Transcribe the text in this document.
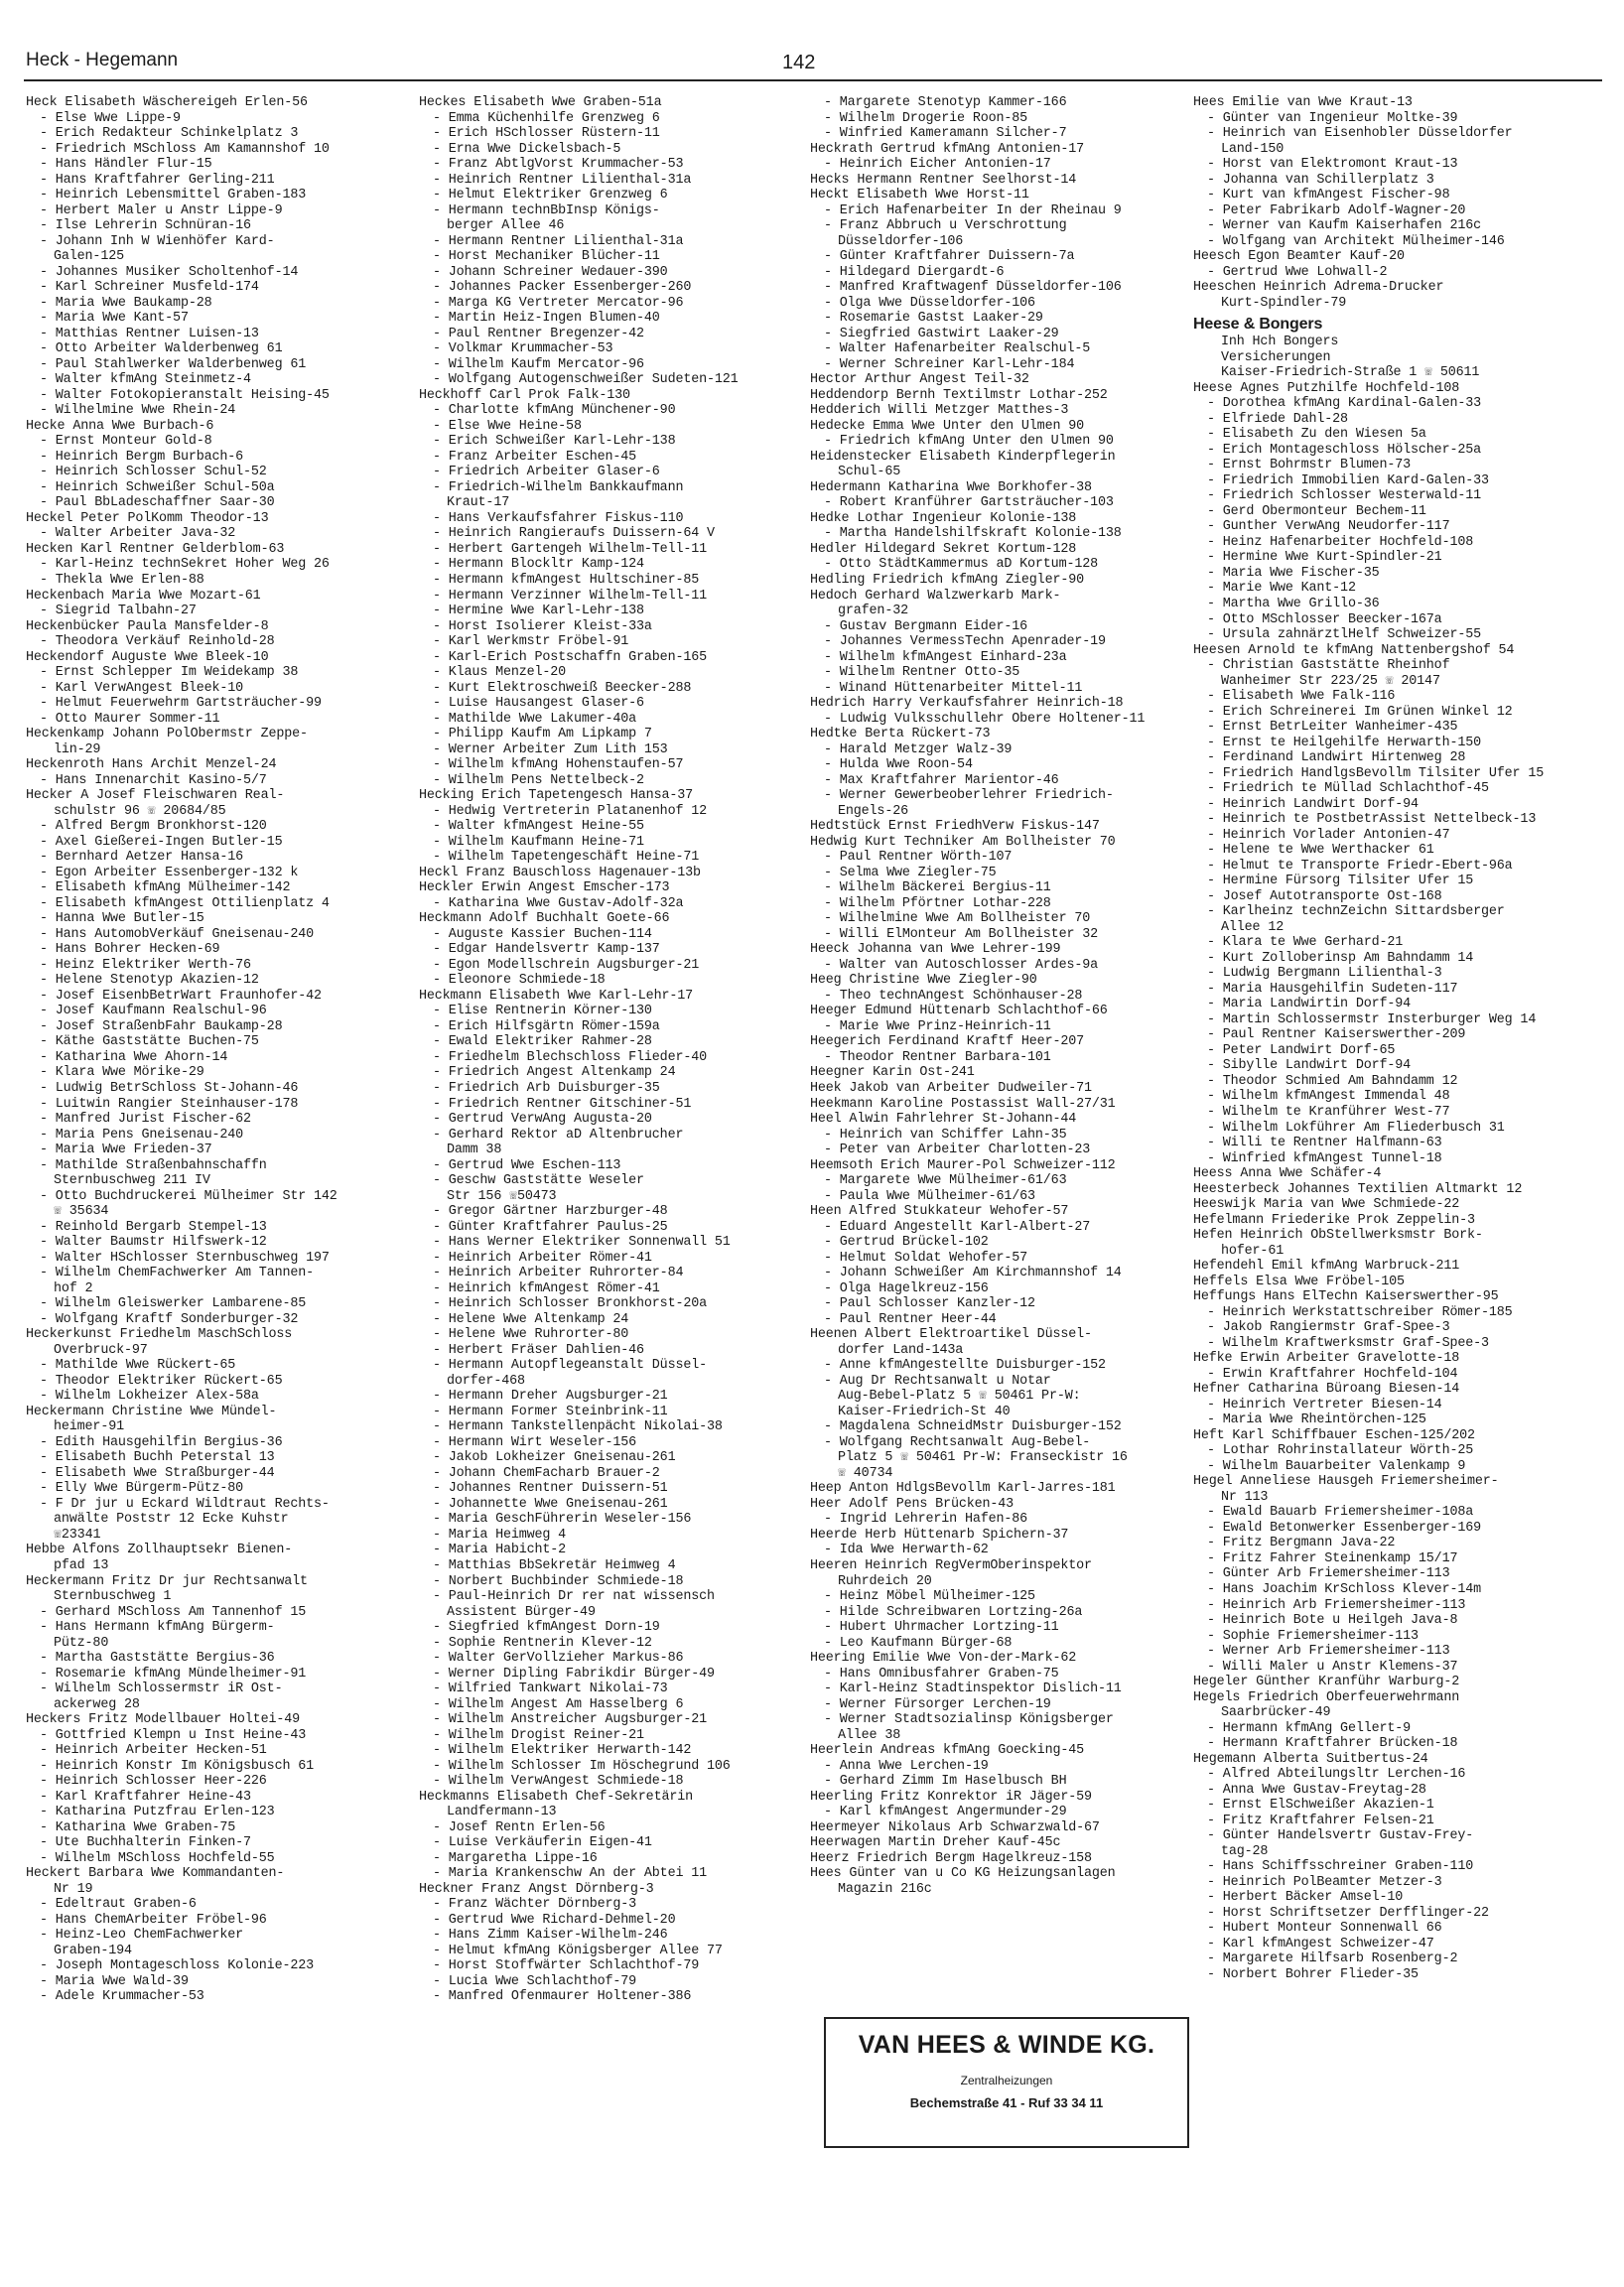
Heck - Hegemann	142
Heck Elisabeth Wäschereigeh Erlen-56
- Else Wwe Lippe-9
- Erich Redakteur Schinkelplatz 3
- Friedrich MSchloss Am Kamannshof 10
- Hans Händler Flur-15
- Hans Kraftfahrer Gerling-211
- Heinrich Lebensmittel Graben-183
- Herbert Maler u Anstr Lippe-9
- Ilse Lehrerin Schnüran-16
- Johann Inh W Wienhöfer Kard-
Galen-125
- Johannes Musiker Scholtenhof-14
- Karl Schreiner Musfeld-174
- Maria Wwe Baukamp-28
- Maria Wwe Kant-57
- Matthias Rentner Luisen-13
- Otto Arbeiter Walderbenweg 61
- Paul Stahlwerker Walderbenweg 61
- Walter kfmAng Steinmetz-4
- Walter Fotokopieranstalt Heising-45
- Wilhelmine Wwe Rhein-24
Hecke Anna Wwe Burbach-6
- Ernst Monteur Gold-8
- Heinrich Bergm Burbach-6
- Heinrich Schlosser Schul-52
- Heinrich Schweißer Schul-50a
- Paul BbLadeschaffner Saar-30
Heckel Peter PolKomm Theodor-13
- Walter Arbeiter Java-32
Hecken Karl Rentner Gelderblom-63
- Karl-Heinz technSekret Hoher Weg 26
- Thekla Wwe Erlen-88
Heckenbach Maria Wwe Mozart-61
- Siegrid Talbahn-27
Heckenbücker Paula Mansfelder-8
- Theodora Verkäuf Reinhold-28
Heckendorf Auguste Wwe Bleek-10
- Ernst Schlepper Im Weidekamp 38
- Karl VerwAngest Bleek-10
- Helmut Feuerwehrm Gartsträucher-99
- Otto Maurer Sommer-11
Heckenkamp Johann PolObermstr Zeppe-
lin-29
Heckenroth Hans Archit Menzel-24
- Hans Innenarchit Kasino-5/7
Hecker A Josef Fleischwaren Real-
schulstr 96 ☏ 20684/85
- Alfred Bergm Bronkhorst-120
- Axel Gießerei-Ingen Butler-15
- Bernhard Aetzer Hansa-16
- Egon Arbeiter Essenberger-132 k
- Elisabeth kfmAng Mülheimer-142
- Elisabeth kfmAngest Ottilienplatz 4
- Hanna Wwe Butler-15
- Hans AutomobVerkäuf Gneisenau-240
- Hans Bohrer Hecken-69
- Heinz Elektriker Werth-76
- Helene Stenotyp Akazien-12
- Josef EisenbBetrWart Fraunhofer-42
- Josef Kaufmann Realschul-96
- Josef StraßenbFahr Baukamp-28
- Käthe Gaststätte Buchen-75
- Katharina Wwe Ahorn-14
- Klara Wwe Mörike-29
- Ludwig BetrSchloss St-Johann-46
- Luitwin Rangier Steinhauser-178
- Manfred Jurist Fischer-62
- Maria Pens Gneisenau-240
- Maria Wwe Frieden-37
- Mathilde Straßenbahnschaffn
Sternbuschweg 211 IV
- Otto Buchdruckerei Mülheimer Str 142
☏ 35634
- Reinhold Bergarb Stempel-13
- Walter Baumstr Hilfswerk-12
- Walter HSchlosser Sternbuschweg 197
- Wilhelm ChemFachwerker Am Tannen-
hof 2
- Wilhelm Gleiswerker Lambarene-85
- Wolfgang Kraftf Sonderburger-32
Heckerkunst Friedhelm MaschSchloss
Overbruck-97
- Mathilde Wwe Rückert-65
- Theodor Elektriker Rückert-65
- Wilhelm Lokheizer Alex-58a
Heckermann Christine Wwe Mündel-
heimer-91
- Edith Hausgehilfin Bergius-36
- Elisabeth Buchh Peterstal 13
- Elisabeth Wwe Straßburger-44
- Elly Wwe Bürgerm-Pütz-80
- F Dr jur u Eckard Wildtraut Rechts-
anwälte Poststr 12 Ecke Kuhstr
☏23341
Hebbe Alfons Zollhauptsekr Bienen-
pfad 13
Heckermann Fritz Dr jur Rechtsanwalt
Sternbuschweg 1
- Gerhard MSchloss Am Tannenhof 15
- Hans Hermann kfmAng Bürgerm-
Pütz-80
- Martha Gaststätte Bergius-36
- Rosemarie kfmAng Mündelheimer-91
- Wilhelm Schlossermstr iR Ost-
ackerweg 28
Heckers Fritz Modellbauer Holtei-49
- Gottfried Klempn u Inst Heine-43
- Heinrich Arbeiter Hecken-51
- Heinrich Konstr Im Königsbusch 61
- Heinrich Schlosser Heer-226
- Karl Kraftfahrer Heine-43
- Katharina Putzfrau Erlen-123
- Katharina Wwe Graben-75
- Ute Buchhalterin Finken-7
- Wilhelm MSchloss Hochfeld-55
Heckert Barbara Wwe Kommandanten-
Nr 19
- Edeltraut Graben-6
- Hans ChemArbeiter Fröbel-96
- Heinz-Leo ChemFachwerker
Graben-194
- Joseph Montageschloss Kolonie-223
- Maria Wwe Wald-39
- Adele Krummacher-53
Heckes Elisabeth Wwe Graben-51a
- Emma Küchenhilfe Grenzweg 6
- Erich HSchlosser Rüstern-11
- Erna Wwe Dickelsbach-5
- Franz AbtlgVorst Krummacher-53
- Heinrich Rentner Lilienthal-31a
- Helmut Elektriker Grenzweg 6
- Hermann technBbInsp Königs-
berger Allee 46
- Hermann Rentner Lilienthal-31a
- Horst Mechaniker Blücher-11
- Johann Schreiner Wedauer-390
- Johannes Packer Essenberger-260
- Marga KG Vertreter Mercator-96
- Martin Heiz-Ingen Blumen-40
- Paul Rentner Bregenzer-42
- Volkmar Krummacher-53
- Wilhelm Kaufm Mercator-96
- Wolfgang Autogenschweißer Sudeten-121
Heckhoff Carl Prok Falk-130
- Charlotte kfmAng Münchener-90
- Else Wwe Heine-58
- Erich Schweißer Karl-Lehr-138
- Franz Arbeiter Eschen-45
- Friedrich Arbeiter Glaser-6
- Friedrich-Wilhelm Bankkaufmann
Kraut-17
- Hans Verkaufsfahrer Fiskus-110
- Heinrich Rangieraufs Duissern-64 V
- Herbert Gartengeh Wilhelm-Tell-11
- Hermann Blockltr Kamp-124
- Hermann kfmAngest Hultschiner-85
- Hermann Verzinner Wilhelm-Tell-11
- Hermine Wwe Karl-Lehr-138
- Horst Isolierer Kleist-33a
- Karl Werkmstr Fröbel-91
- Karl-Erich Postschaffn Graben-165
- Klaus Menzel-20
- Kurt Elektroschweiß Beecker-288
- Luise Hausangest Glaser-6
- Mathilde Wwe Lakumer-40a
- Philipp Kaufm Am Lipkamp 7
- Werner Arbeiter Zum Lith 153
- Wilhelm kfmAng Hohenstaufen-57
- Wilhelm Pens Nettelbeck-2
Hecking Erich Tapetengesch Hansa-37
- Hedwig Vertreterin Platanenhof 12
- Walter kfmAngest Heine-55
- Wilhelm Kaufmann Heine-71
- Wilhelm Tapetengeschäft Heine-71
Heckl Franz Bauschloss Hagenauer-13b
Heckler Erwin Angest Emscher-173
- Katharina Wwe Gustav-Adolf-32a
Heckmann Adolf Buchhalt Goete-66
- Auguste Kassier Buchen-114
- Edgar Handelsvertr Kamp-137
- Egon Modellschrein Augsburger-21
- Eleonore Schmiede-18
Heckmann Elisabeth Wwe Karl-Lehr-17
- Elise Rentnerin Körner-130
- Erich Hilfsgärtn Römer-159a
- Ewald Elektriker Rahmer-28
- Friedhelm Blechschloss Flieder-40
- Friedrich Angest Altenkamp 24
- Friedrich Arb Duisburger-35
- Friedrich Rentner Gitschiner-51
- Gertrud VerwAng Augusta-20
- Gerhard Rektor aD Altenbrucher
Damm 38
- Gertrud Wwe Eschen-113
- Geschw Gaststätte Weseler
Str 156 ☏50473
- Gregor Gärtner Harzburger-48
- Günter Kraftfahrer Paulus-25
- Hans Werner Elektriker Sonnenwall 51
- Heinrich Arbeiter Römer-41
- Heinrich Arbeiter Ruhrorter-84
- Heinrich kfmAngest Römer-41
- Heinrich Schlosser Bronkhorst-20a
- Helene Wwe Altenkamp 24
- Helene Wwe Ruhrorter-80
- Herbert Fräser Dahlien-46
- Hermann Autopflegeanstalt Düssel-
dorfer-468
- Hermann Dreher Augsburger-21
- Hermann Former Steinbrink-11
- Hermann Tankstellenpächt Nikolai-38
- Hermann Wirt Weseler-156
- Jakob Lokheizer Gneisenau-261
- Johann ChemFacharb Brauer-2
- Johannes Rentner Duissern-51
- Johannette Wwe Gneisenau-261
- Maria GeschFührerin Weseler-156
- Maria Heimweg 4
- Maria Habicht-2
- Matthias BbSekretär Heimweg 4
- Norbert Buchbinder Schmiede-18
- Paul-Heinrich Dr rer nat wissensch
Assistent Bürger-49
- Siegfried kfmAngest Dorn-19
- Sophie Rentnerin Klever-12
- Walter GerVollzieher Markus-86
- Werner Dipling Fabrikdir Bürger-49
- Wilfried Tankwart Nikolai-73
- Wilhelm Angest Am Hasselberg 6
- Wilhelm Anstreicher Augsburger-21
- Wilhelm Drogist Reiner-21
- Wilhelm Elektriker Herwarth-142
- Wilhelm Schlosser Im Höschegrund 106
- Wilhelm VerwAngest Schmiede-18
Heckmanns Elisabeth Chef-Sekretärin
Landfermann-13
- Josef Rentn Erlen-56
- Luise Verkäuferin Eigen-41
- Margaretha Lippe-16
- Maria Krankenschw An der Abtei 11
Heckner Franz Angst Dörnberg-3
- Franz Wächter Dörnberg-3
- Gertrud Wwe Richard-Dehmel-20
- Hans Zimm Kaiser-Wilhelm-246
- Helmut kfmAng Königsberger Allee 77
- Horst Stoffwärter Schlachthof-79
- Lucia Wwe Schlachthof-79
- Manfred Ofenmaurer Holtener-386
- Margarete Stenotyp Kammer-166
- Wilhelm Drogerie Roon-85
- Winfried Kameramann Silcher-7
Heckrath Gertrud kfmAng Antonien-17
- Heinrich Eicher Antonien-17
Hecks Hermann Rentner Seelhorst-14
Heckt Elisabeth Wwe Horst-11
- Erich Hafenarbeiter In der Rheinau 9
- Franz Abbruch u Verschrottung
Düsseldorfer-106
- Günter Kraftfahrer Duissern-7a
- Hildegard Diergardt-6
- Manfred Kraftwagenf Düsseldorfer-106
- Olga Wwe Düsseldorfer-106
- Rosemarie Gastst Laaker-29
- Siegfried Gastwirt Laaker-29
- Walter Hafenarbeiter Realschul-5
- Werner Schreiner Karl-Lehr-184
Hector Arthur Angest Teil-32
Heddendorp Bernh Textilmstr Lothar-252
Hedderich Willi Metzger Matthes-3
Hedecke Emma Wwe Unter den Ulmen 90
- Friedrich kfmAng Unter den Ulmen 90
Heidenstecker Elisabeth Kinderpflegerin
Schul-65
Hedermann Katharina Wwe Borkhofer-38
- Robert Kranführer Gartsträucher-103
Hedke Lothar Ingenieur Kolonie-138
- Martha Handelshilfskraft Kolonie-138
Hedler Hildegard Sekret Kortum-128
- Otto StädtKammermus aD Kortum-128
Hedling Friedrich kfmAng Ziegler-90
Hedoch Gerhard Walzwerkarb Mark-
grafen-32
- Gustav Bergmann Eider-16
- Johannes VermessTechn Apenrader-19
- Wilhelm kfmAngest Einhard-23a
- Wilhelm Rentner Otto-35
- Winand Hüttenarbeiter Mittel-11
Hedrich Harry Verkaufsfahrer Heinrich-18
- Ludwig Vulksschullehr Obere Holtener-11
Hedtke Berta Rückert-73
- Harald Metzger Walz-39
- Hulda Wwe Roon-54
- Max Kraftfahrer Marientor-46
- Werner Gewerbeoberlehrer Friedrich-
Engels-26
Hedtstück Ernst FriedhVerw Fiskus-147
Hedwig Kurt Techniker Am Bollheister 70
- Paul Rentner Wörth-107
- Selma Wwe Ziegler-75
- Wilhelm Bäckerei Bergius-11
- Wilhelm Pförtner Lothar-228
- Wilhelmine Wwe Am Bollheister 70
- Willi ElMonteur Am Bollheister 32
Heeck Johanna van Wwe Lehrer-199
- Walter van Autoschlosser Ardes-9a
Heeg Christine Wwe Ziegler-90
- Theo technAngest Schönhauser-28
Heeger Edmund Hüttenarb Schlachthof-66
- Marie Wwe Prinz-Heinrich-11
Heegerich Ferdinand Kraftf Heer-207
- Theodor Rentner Barbara-101
Heegner Karin Ost-241
Heek Jakob van Arbeiter Dudweiler-71
Heekmann Karoline Postassist Wall-27/31
Heel Alwin Fahrlehrer St-Johann-44
- Heinrich van Schiffer Lahn-35
- Peter van Arbeiter Charlotten-23
Heemsoth Erich Maurer-Pol Schweizer-112
- Margarete Wwe Mülheimer-61/63
- Paula Wwe Mülheimer-61/63
Heen Alfred Stukkateur Wehofer-57
- Eduard Angestellt Karl-Albert-27
- Gertrud Brückel-102
- Helmut Soldat Wehofer-57
- Johann Schweißer Am Kirchmannshof 14
- Olga Hagelkreuz-156
- Paul Schlosser Kanzler-12
- Paul Rentner Heer-44
Heenen Albert Elektroartikel Düssel-
dorfer Land-143a
- Anne kfmAngestellte Duisburger-152
- Aug Dr Rechtsanwalt u Notar
Aug-Bebel-Platz 5 ☏ 50461 Pr-W:
Kaiser-Friedrich-St 40
- Magdalena SchneidMstr Duisburger-152
- Wolfgang Rechtsanwalt Aug-Bebel-
Platz 5 ☏ 50461 Pr-W: Franseckistr 16
☏ 40734
Heep Anton HdlgsBevollm Karl-Jarres-181
Heer Adolf Pens Brücken-43
- Ingrid Lehrerin Hafen-86
Heerde Herb Hüttenarb Spichern-37
- Ida Wwe Herwarth-62
Heeren Heinrich RegVermOberinspektor
Ruhrdeich 20
- Heinz Möbel Mülheimer-125
- Hilde Schreibwaren Lortzing-26a
- Hubert Uhrmacher Lortzing-11
- Leo Kaufmann Bürger-68
Heering Emilie Wwe Von-der-Mark-62
- Hans Omnibusfahrer Graben-75
- Karl-Heinz Stadtinspektor Dislich-11
- Werner Fürsorger Lerchen-19
- Werner Stadtsozialinsp Königsberger
Allee 38
Heerlein Andreas kfmAng Goecking-45
- Anna Wwe Lerchen-19
- Gerhard Zimm Im Haselbusch BH
Heerling Fritz Konrektor iR Jäger-59
- Karl kfmAngest Angermunder-29
Heermeyer Nikolaus Arb Schwarzwald-67
Heerwagen Martin Dreher Kauf-45c
Heerz Friedrich Bergm Hagelkreuz-158
Hees Günter van u Co KG Heizungsanlagen
Magazin 216c
Hees Emilie van Wwe Kraut-13
- Günter van Ingenieur Moltke-39
- Heinrich van Eisenhobler Düsseldorfer
Land-150
- Horst van Elektromont Kraut-13
- Johanna van Schillerplatz 3
- Kurt van kfmAngest Fischer-98
- Peter Fabrikarb Adolf-Wagner-20
- Werner van Kaufm Kaiserhafen 216c
- Wolfgang van Architekt Mülheimer-146
Heesch Egon Beamter Kauf-20
- Gertrud Wwe Lohwall-2
Heeschen Heinrich Adrema-Drucker
Kurt-Spindler-79
Heese & Bongers
Inh Hch Bongers
Versicherungen
Kaiser-Friedrich-Straße 1 ☏ 50611
Heese Agnes Putzhilfe Hochfeld-108
- Dorothea kfmAng Kardinal-Galen-33
- Elfriede Dahl-28
- Elisabeth Zu den Wiesen 5a
- Erich Montageschloss Hölscher-25a
- Ernst Bohrmstr Blumen-73
- Friedrich Immobilien Kard-Galen-33
- Friedrich Schlosser Westerwald-11
- Gerd Obermonteur Bechem-11
- Gunther VerwAng Neudorfer-117
- Heinz Hafenarbeiter Hochfeld-108
- Hermine Wwe Kurt-Spindler-21
- Maria Wwe Fischer-35
- Marie Wwe Kant-12
- Martha Wwe Grillo-36
- Otto MSchlosser Beecker-167a
- Ursula zahnärztlHelf Schweizer-55
Heesen Arnold te kfmAng Nattenbergshof 54
- Christian Gaststätte Rheinhof
Wanheimer Str 223/25 ☏ 20147
- Elisabeth Wwe Falk-116
- Erich Schreinerei Im Grünen Winkel 12
- Ernst BetrLeiter Wanheimer-435
- Ernst te Heilgehilfe Herwarth-150
- Ferdinand Landwirt Hirtenweg 28
- Friedrich HandlgsBevollm Tilsiter Ufer 15
- Friedrich te Müllad Schlachthof-45
- Heinrich Landwirt Dorf-94
- Heinrich te PostbetrAssist Nettelbeck-13
- Heinrich Vorlader Antonien-47
- Helene te Wwe Werthacker 61
- Helmut te Transporte Friedr-Ebert-96a
- Hermine Fürsorg Tilsiter Ufer 15
- Josef Autotransporte Ost-168
- Karlheinz technZeichn Sittardsberger
Allee 12
- Klara te Wwe Gerhard-21
- Kurt Zolloberinsp Am Bahndamm 14
- Ludwig Bergmann Lilienthal-3
- Maria Hausgehilfin Sudeten-117
- Maria Landwirtin Dorf-94
- Martin Schlossermstr Insterburger Weg 14
- Paul Rentner Kaiserswerther-209
- Peter Landwirt Dorf-65
- Sibylle Landwirt Dorf-94
- Theodor Schmied Am Bahndamm 12
- Wilhelm kfmAngest Immendal 48
- Wilhelm te Kranführer West-77
- Wilhelm Lokführer Am Fliederbusch 31
- Willi te Rentner Halfmann-63
- Winfried kfmAngest Tunnel-18
Heess Anna Wwe Schäfer-4
Heesterbeck Johannes Textilien Altmarkt 12
Heeswijk Maria van Wwe Schmiede-22
Hefelmann Friederike Prok Zeppelin-3
Hefen Heinrich ObStellwerksmstr Bork-
hofer-61
Hefendehl Emil kfmAng Warbruck-211
Heffels Elsa Wwe Fröbel-105
Heffungs Hans ElTechn Kaiserswerther-95
- Heinrich Werkstattschreiber Römer-185
- Jakob Rangiermstr Graf-Spee-3
- Wilhelm Kraftwerksmstr Graf-Spee-3
Hefke Erwin Arbeiter Gravelotte-18
- Erwin Kraftfahrer Hochfeld-104
Hefner Catharina Büroang Biesen-14
- Heinrich Vertreter Biesen-14
- Maria Wwe Rheintörchen-125
Heft Karl Schiffbauer Eschen-125/202
- Lothar Rohrinstallateur Wörth-25
- Wilhelm Bauarbeiter Valenkamp 9
Hegel Anneliese Hausgeh Friemersheimer-
Nr 113
- Ewald Bauarb Friemersheimer-108a
- Ewald Betonwerker Essenberger-169
- Fritz Bergmann Java-22
- Fritz Fahrer Steinenkamp 15/17
- Günter Arb Friemersheimer-113
- Hans Joachim KrSchloss Klever-14m
- Heinrich Arb Friemersheimer-113
- Heinrich Bote u Heilgeh Java-8
- Sophie Friemersheimer-113
- Werner Arb Friemersheimer-113
- Willi Maler u Anstr Klemens-37
Hegeler Günther Kranführ Warburg-2
Hegels Friedrich Oberfeuerwehrmann
Saarbrücker-49
- Hermann kfmAng Gellert-9
- Hermann Kraftfahrer Brücken-18
Hegemann Alberta Suitbertus-24
- Alfred Abteilungsltr Lerchen-16
- Anna Wwe Gustav-Freytag-28
- Ernst ElSchweißer Akazien-1
- Fritz Kraftfahrer Felsen-21
- Günter Handelsvertr Gustav-Frey-
tag-28
- Hans Schiffsschreiner Graben-110
- Heinrich PolBeamter Metzer-3
- Herbert Bäcker Amsel-10
- Horst Schriftsetzer Derfflinger-22
- Hubert Monteur Sonnenwall 66
- Karl kfmAngest Schweizer-47
- Margarete Hilfsarb Rosenberg-2
- Norbert Bohrer Flieder-35
VAN HEES & WINDE KG.
Zentralheizungen
Bechemstraße 41 - Ruf 33 34 11
